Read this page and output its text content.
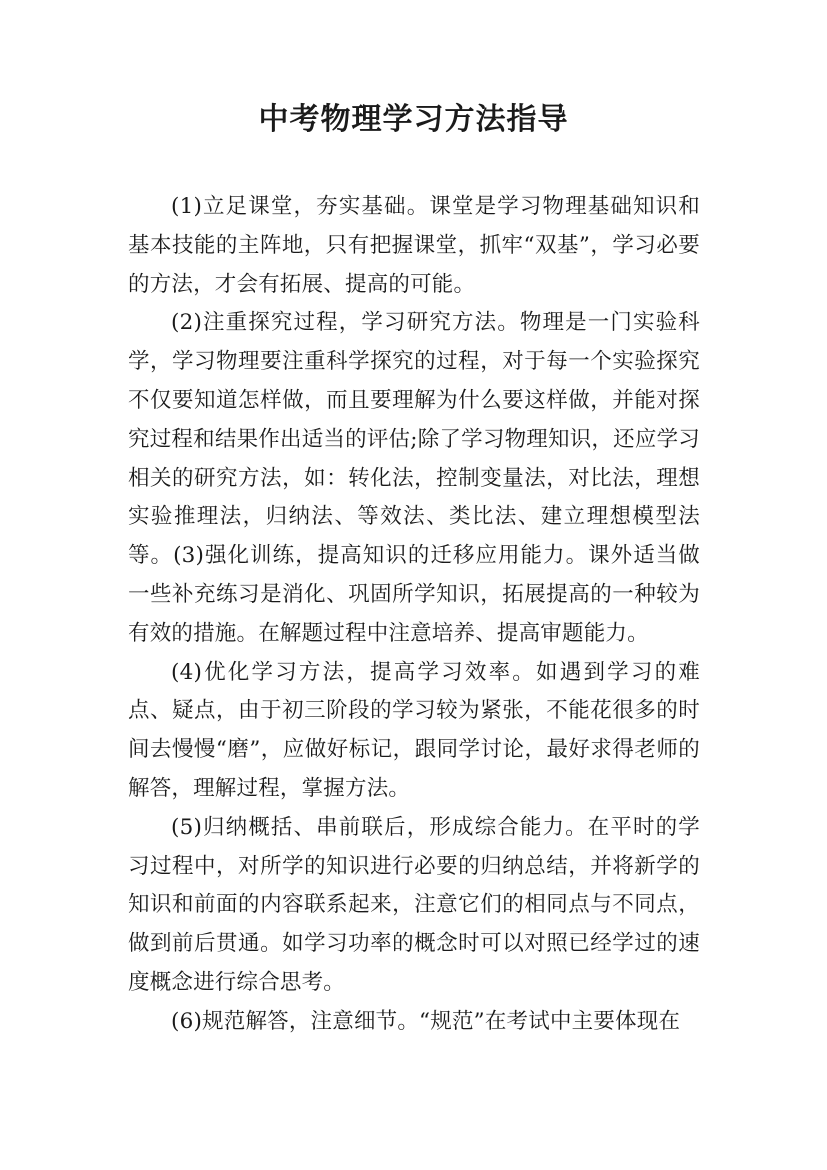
中考物理学习方法指导

(1)立足课堂，夯实基础。课堂是学习物理基础知识和基本技能的主阵地，只有把握课堂，抓牢“双基”，学习必要的方法，才会有拓展、提高的可能。

(2)注重探究过程，学习研究方法。物理是一门实验科学，学习物理要注重科学探究的过程，对于每一个实验探究不仅要知道怎样做，而且要理解为什么要这样做，并能对探究过程和结果作出适当的评估;除了学习物理知识，还应学习相关的研究方法，如：转化法，控制变量法，对比法，理想实验推理法，归纳法、等效法、类比法、建立理想模型法等。(3)强化训练，提高知识的迁移应用能力。课外适当做一些补充练习是消化、巩固所学知识，拓展提高的一种较为有效的措施。在解题过程中注意培养、提高审题能力。

(4)优化学习方法，提高学习效率。如遇到学习的难点、疑点，由于初三阶段的学习较为紧张，不能花很多的时间去慢慢“磨”，应做好标记，跟同学讨论，最好求得老师的解答，理解过程，掌握方法。

(5)归纳概括、串前联后，形成综合能力。在平时的学习过程中，对所学的知识进行必要的归纳总结，并将新学的知识和前面的内容联系起来，注意它们的相同点与不同点，做到前后贯通。如学习功率的概念时可以对照已经学过的速度概念进行综合思考。

(6)规范解答，注意细节。“规范”在考试中主要体现在
